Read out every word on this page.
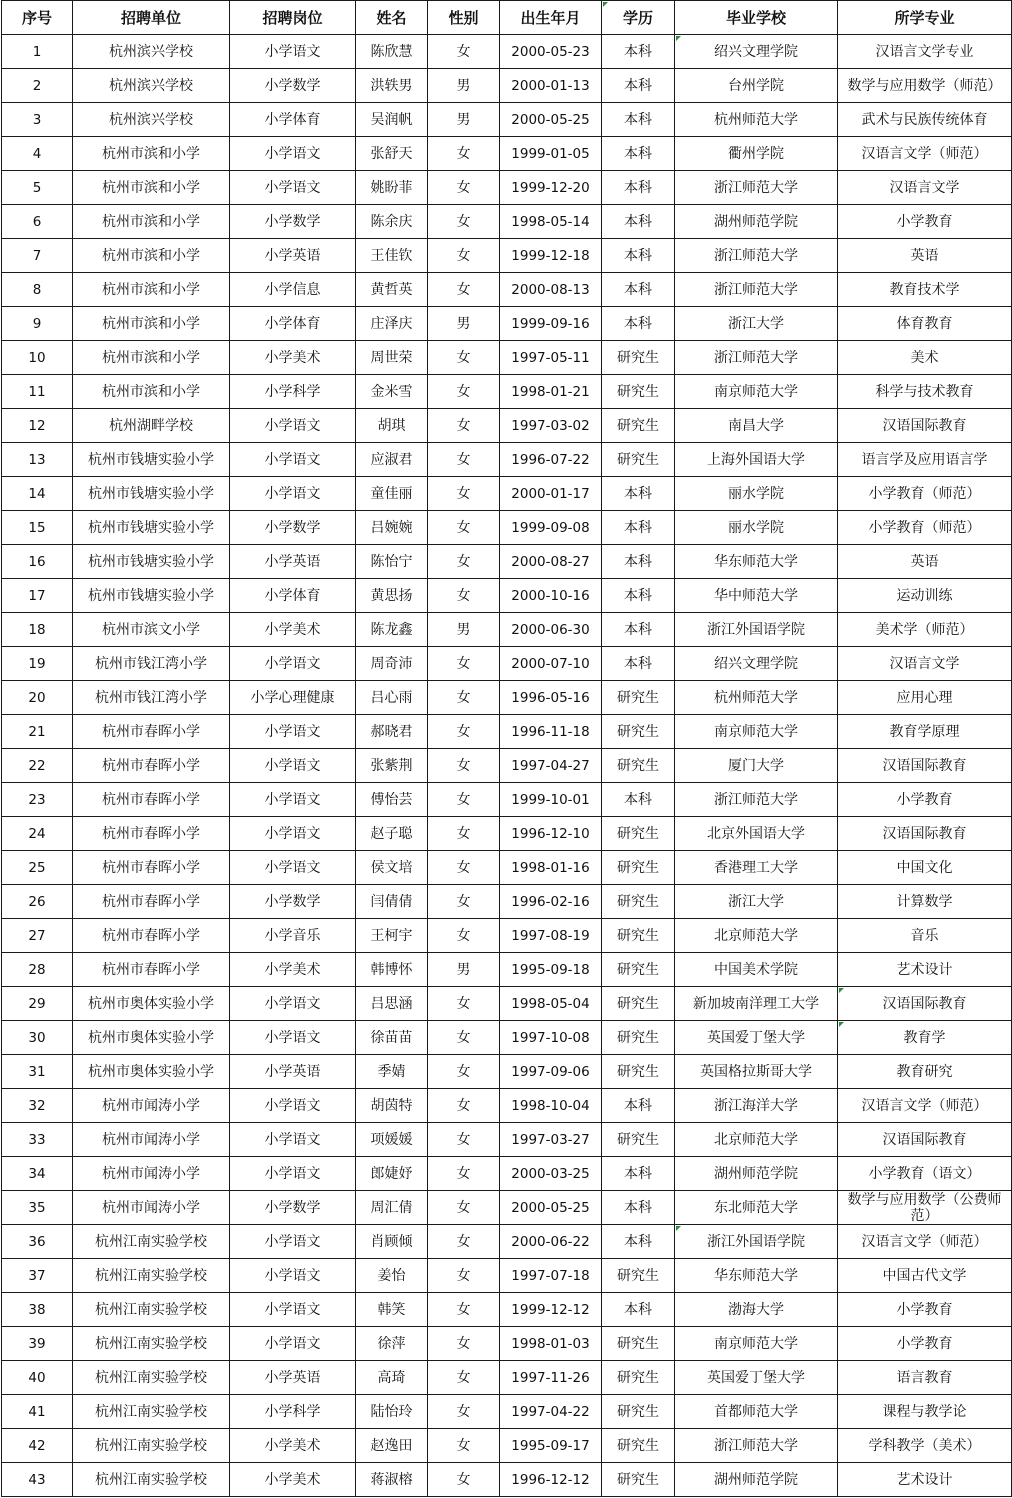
序号	招聘单位	招聘岗位	姓名	性别	出生年月	学历	毕业学校	所学专业
1	杭州滨兴学校	小学语文	陈欣慧	女	2000-05-23	本科	绍兴文理学院	汉语言文学专业
2	杭州滨兴学校	小学数学	洪轶男	男	2000-01-13	本科	台州学院	数学与应用数学（师范）
3	杭州滨兴学校	小学体育	吴润帆	男	2000-05-25	本科	杭州师范大学	武术与民族传统体育
4	杭州市滨和小学	小学语文	张舒天	女	1999-01-05	本科	衢州学院	汉语言文学（师范）
5	杭州市滨和小学	小学语文	姚盼菲	女	1999-12-20	本科	浙江师范大学	汉语言文学
6	杭州市滨和小学	小学数学	陈余庆	女	1998-05-14	本科	湖州师范学院	小学教育
7	杭州市滨和小学	小学英语	王佳钦	女	1999-12-18	本科	浙江师范大学	英语
8	杭州市滨和小学	小学信息	黄哲英	女	2000-08-13	本科	浙江师范大学	教育技术学
9	杭州市滨和小学	小学体育	庄泽庆	男	1999-09-16	本科	浙江大学	体育教育
10	杭州市滨和小学	小学美术	周世荣	女	1997-05-11	研究生	浙江师范大学	美术
11	杭州市滨和小学	小学科学	金米雪	女	1998-01-21	研究生	南京师范大学	科学与技术教育
12	杭州湖畔学校	小学语文	胡琪	女	1997-03-02	研究生	南昌大学	汉语国际教育
13	杭州市钱塘实验小学	小学语文	应淑君	女	1996-07-22	研究生	上海外国语大学	语言学及应用语言学
14	杭州市钱塘实验小学	小学语文	童佳丽	女	2000-01-17	本科	丽水学院	小学教育（师范）
15	杭州市钱塘实验小学	小学数学	吕婉婉	女	1999-09-08	本科	丽水学院	小学教育（师范）
16	杭州市钱塘实验小学	小学英语	陈怡宁	女	2000-08-27	本科	华东师范大学	英语
17	杭州市钱塘实验小学	小学体育	黄思扬	女	2000-10-16	本科	华中师范大学	运动训练
18	杭州市滨文小学	小学美术	陈龙鑫	男	2000-06-30	本科	浙江外国语学院	美术学（师范）
19	杭州市钱江湾小学	小学语文	周奇沛	女	2000-07-10	本科	绍兴文理学院	汉语言文学
20	杭州市钱江湾小学	小学心理健康	吕心雨	女	1996-05-16	研究生	杭州师范大学	应用心理
21	杭州市春晖小学	小学语文	郝晓君	女	1996-11-18	研究生	南京师范大学	教育学原理
22	杭州市春晖小学	小学语文	张紫荆	女	1997-04-27	研究生	厦门大学	汉语国际教育
23	杭州市春晖小学	小学语文	傅怡芸	女	1999-10-01	本科	浙江师范大学	小学教育
24	杭州市春晖小学	小学语文	赵子聪	女	1996-12-10	研究生	北京外国语大学	汉语国际教育
25	杭州市春晖小学	小学语文	侯文培	女	1998-01-16	研究生	香港理工大学	中国文化
26	杭州市春晖小学	小学数学	闫倩倩	女	1996-02-16	研究生	浙江大学	计算数学
27	杭州市春晖小学	小学音乐	王柯宇	女	1997-08-19	研究生	北京师范大学	音乐
28	杭州市春晖小学	小学美术	韩博怀	男	1995-09-18	研究生	中国美术学院	艺术设计
29	杭州市奥体实验小学	小学语文	吕思涵	女	1998-05-04	研究生	新加坡南洋理工大学	汉语国际教育
30	杭州市奥体实验小学	小学语文	徐苗苗	女	1997-10-08	研究生	英国爱丁堡大学	教育学
31	杭州市奥体实验小学	小学英语	季婧	女	1997-09-06	研究生	英国格拉斯哥大学	教育研究
32	杭州市闻涛小学	小学语文	胡茵特	女	1998-10-04	本科	浙江海洋大学	汉语言文学（师范）
33	杭州市闻涛小学	小学语文	项媛媛	女	1997-03-27	研究生	北京师范大学	汉语国际教育
34	杭州市闻涛小学	小学语文	郎婕妤	女	2000-03-25	本科	湖州师范学院	小学教育（语文）
35	杭州市闻涛小学	小学数学	周汇倩	女	2000-05-25	本科	东北师范大学	数学与应用数学（公费师范）
36	杭州江南实验学校	小学语文	肖顾倾	女	2000-06-22	本科	浙江外国语学院	汉语言文学（师范）
37	杭州江南实验学校	小学语文	姜怡	女	1997-07-18	研究生	华东师范大学	中国古代文学
38	杭州江南实验学校	小学语文	韩笑	女	1999-12-12	本科	渤海大学	小学教育
39	杭州江南实验学校	小学语文	徐萍	女	1998-01-03	研究生	南京师范大学	小学教育
40	杭州江南实验学校	小学英语	高琦	女	1997-11-26	研究生	英国爱丁堡大学	语言教育
41	杭州江南实验学校	小学科学	陆怡玲	女	1997-04-22	研究生	首都师范大学	课程与教学论
42	杭州江南实验学校	小学美术	赵逸田	女	1995-09-17	研究生	浙江师范大学	学科教学（美术）
43	杭州江南实验学校	小学美术	蒋淑榕	女	1996-12-12	研究生	湖州师范学院	艺术设计
